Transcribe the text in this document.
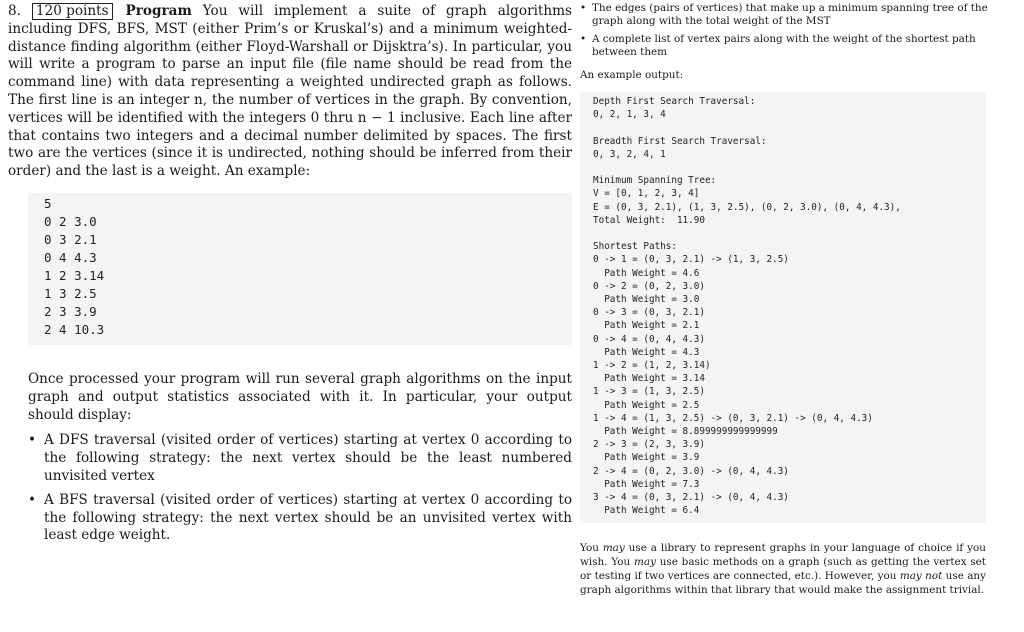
8. 120 points Program You will implement a suite of graph algorithms including DFS, BFS, MST (either Prim’s or Kruskal’s) and a minimum weighted-distance finding algorithm (either Floyd-Warshall or Dijsktra’s). In particular, you will write a program to parse an input file (file name should be read from the command line) with data representing a weighted undirected graph as follows. The first line is an integer n, the number of vertices in the graph. By convention, vertices will be identified with the integers 0 thru n − 1 inclusive. Each line after that contains two integers and a decimal number delimited by spaces. The first two are the vertices (since it is undirected, nothing should be inferred from their order) and the last is a weight. An example:

5
0 2 3.0
0 3 2.1
0 4 4.3
1 2 3.14
1 3 2.5
2 3 3.9
2 4 10.3

Once processed your program will run several graph algorithms on the input graph and output statistics associated with it. In particular, your output should display:

• A DFS traversal (visited order of vertices) starting at vertex 0 according to the following strategy: the next vertex should be the least numbered unvisited vertex
• A BFS traversal (visited order of vertices) starting at vertex 0 according to the following strategy: the next vertex should be an unvisited vertex with least edge weight.
• The edges (pairs of vertices) that make up a minimum spanning tree of the graph along with the total weight of the MST
• A complete list of vertex pairs along with the weight of the shortest path between them

An example output:

Depth First Search Traversal:
0, 2, 1, 3, 4
Breadth First Search Traversal:
0, 3, 2, 4, 1
Minimum Spanning Tree:
V = [0, 1, 2, 3, 4]
E = (0, 3, 2.1), (1, 3, 2.5), (0, 2, 3.0), (0, 4, 4.3),
Total Weight:  11.90
Shortest Paths:
0 -> 1 = (0, 3, 2.1) -> (1, 3, 2.5)
Path Weight = 4.6
0 -> 2 = (0, 2, 3.0)
Path Weight = 3.0
0 -> 3 = (0, 3, 2.1)
Path Weight = 2.1
0 -> 4 = (0, 4, 4.3)
Path Weight = 4.3
1 -> 2 = (1, 2, 3.14)
Path Weight = 3.14
1 -> 3 = (1, 3, 2.5)
Path Weight = 2.5
1 -> 4 = (1, 3, 2.5) -> (0, 3, 2.1) -> (0, 4, 4.3)
Path Weight = 8.899999999999999
2 -> 3 = (2, 3, 3.9)
Path Weight = 3.9
2 -> 4 = (0, 2, 3.0) -> (0, 4, 4.3)
Path Weight = 7.3
3 -> 4 = (0, 3, 2.1) -> (0, 4, 4.3)
Path Weight = 6.4

You may use a library to represent graphs in your language of choice if you wish. You may use basic methods on a graph (such as getting the vertex set or testing if two vertices are connected, etc.). However, you may not use any graph algorithms within that library that would make the assignment trivial.
